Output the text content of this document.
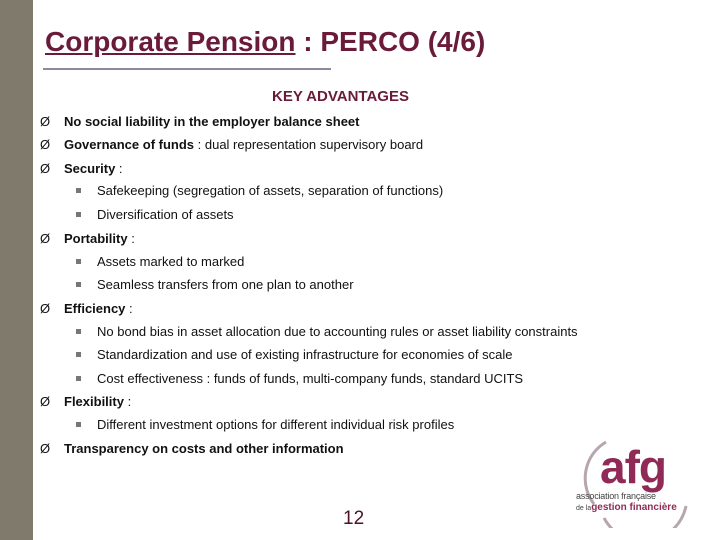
Corporate Pension : PERCO (4/6)
KEY ADVANTAGES
Ø No social liability in the employer balance sheet
Ø Governance of funds : dual representation supervisory board
Ø Security :
Safekeeping (segregation of assets, separation of functions)
Diversification of assets
Ø Portability :
Assets marked to marked
Seamless transfers from one plan to another
Ø Efficiency :
No bond bias in asset allocation due to accounting rules or asset liability constraints
Standardization and use of existing infrastructure for economies of scale
Cost effectiveness : funds of funds, multi-company funds, standard UCITS
Ø Flexibility :
Different investment options for different individual risk profiles
Ø Transparency on costs and other information
12
afg
association française
de lagestion financière
